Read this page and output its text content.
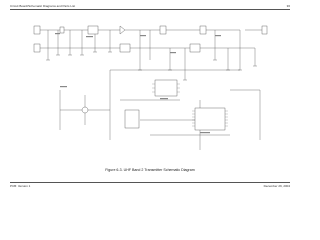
Circuit Board/Schematic Diagrams and Parts List	36
Figure 6-3. UHF Band 2 Transmitter Schematic Diagram
PCB: Version 1	December 29, 2004
